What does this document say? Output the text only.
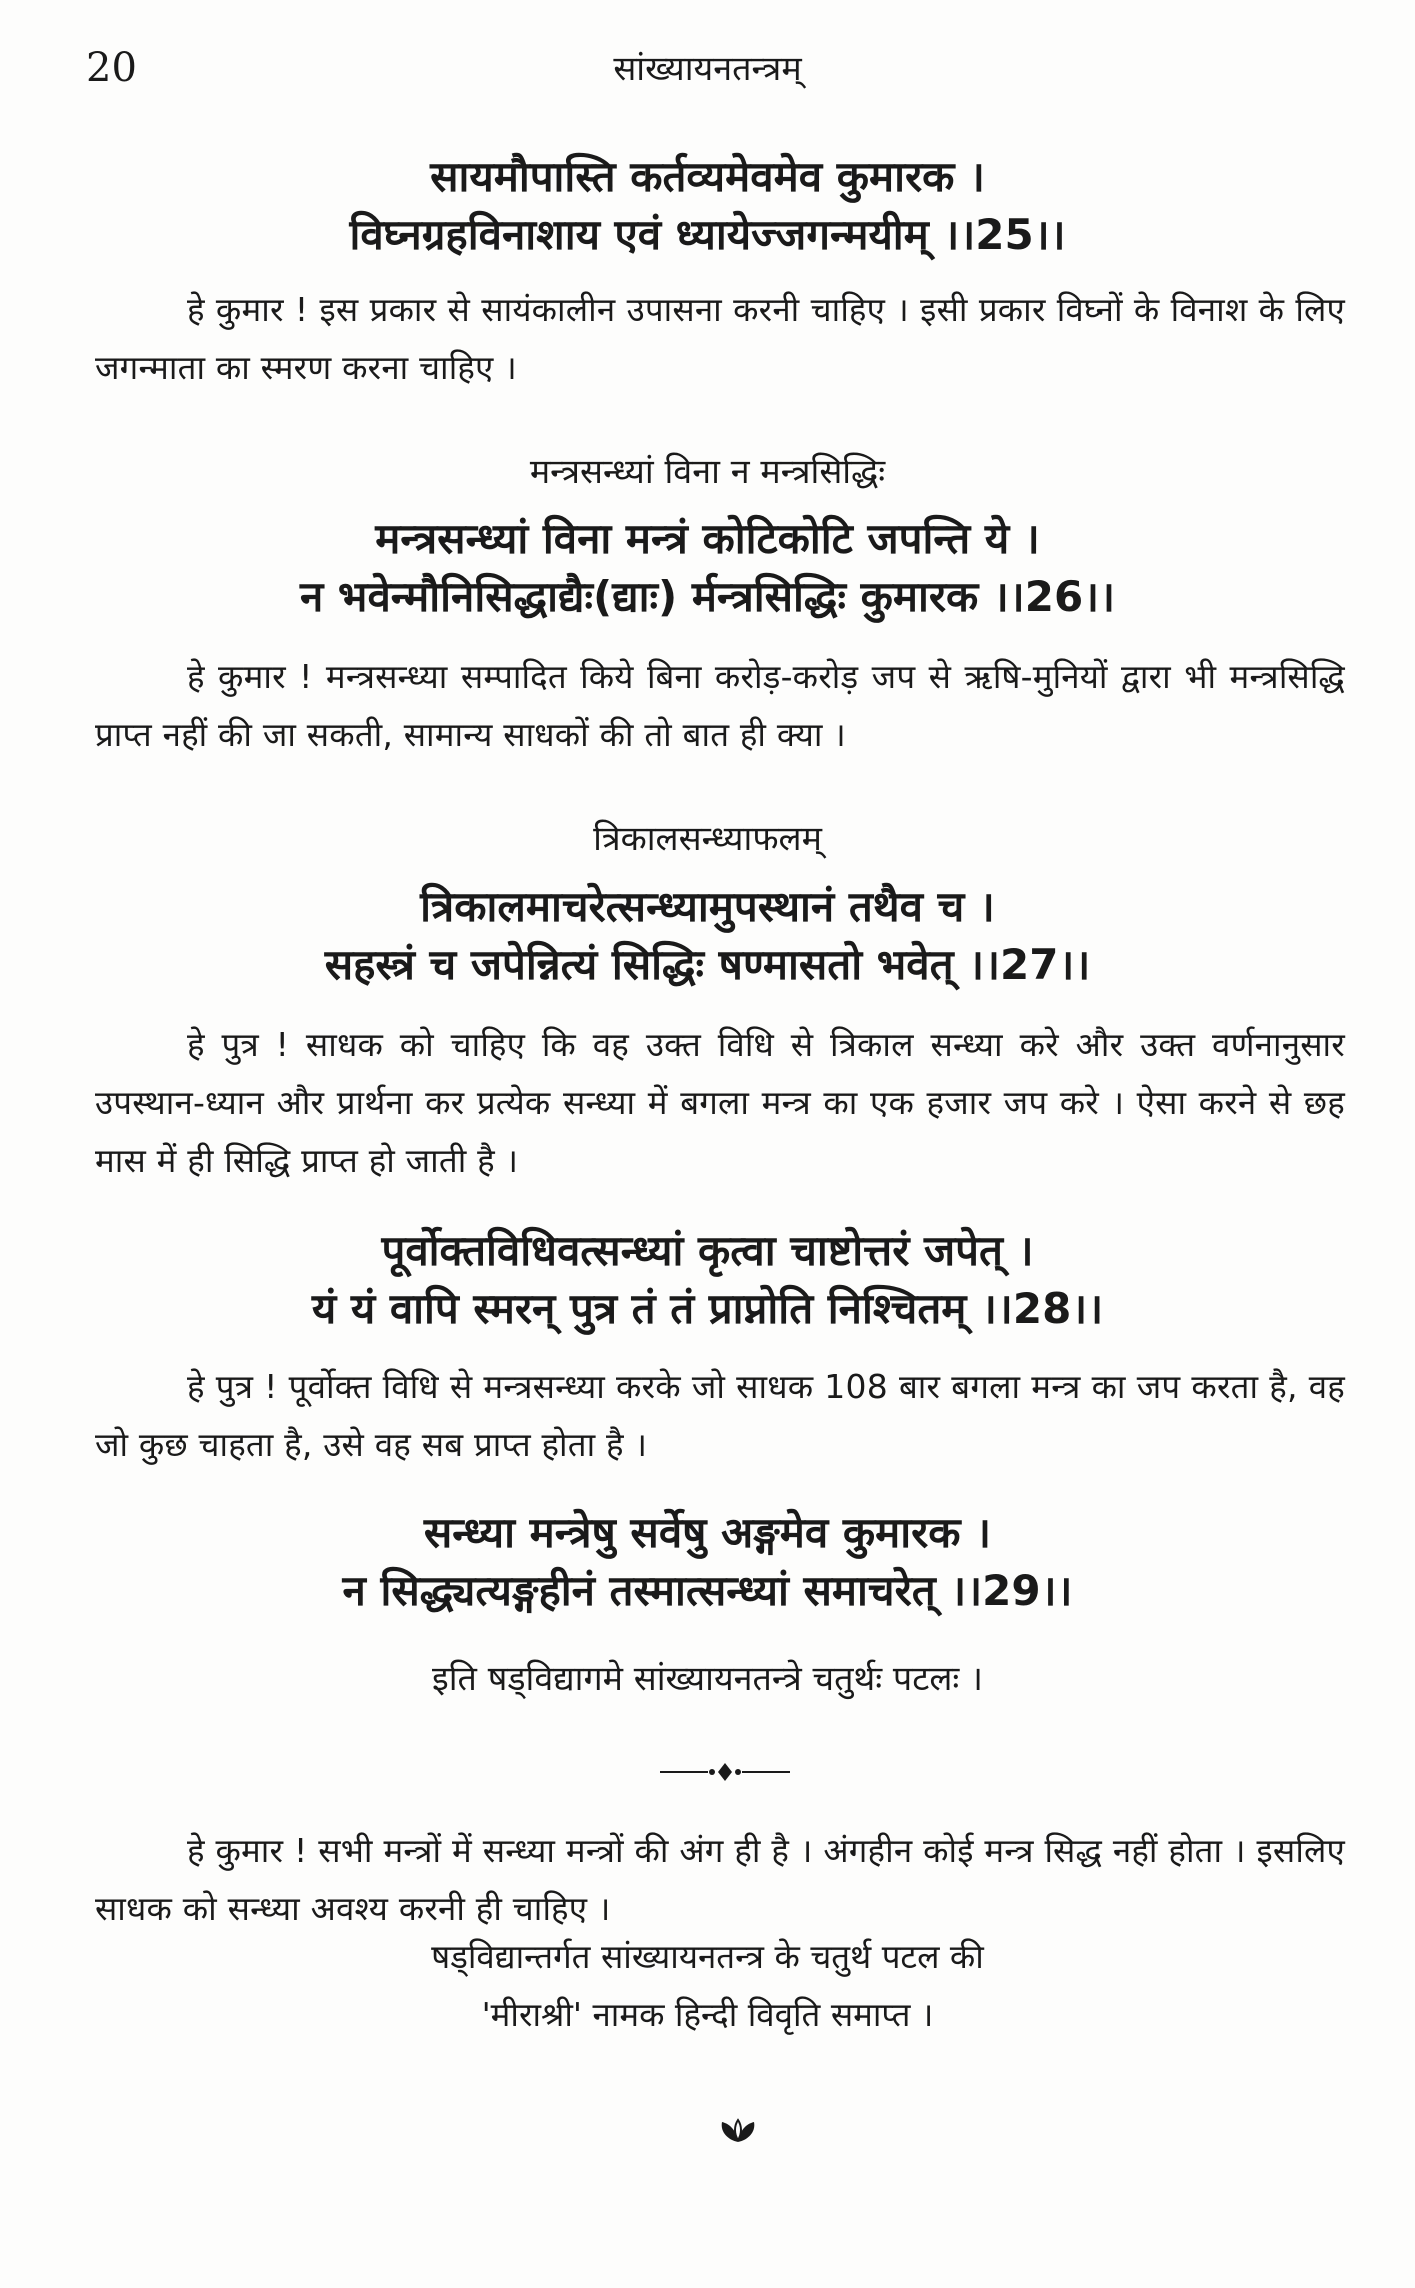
20	सांख्यायनतन्त्रम्
सायमौपास्ति कर्तव्यमेवमेव कुमारक ।
विघ्नग्रहविनाशाय एवं ध्यायेज्जगन्मयीम् ।।25।।
हे कुमार ! इस प्रकार से सायंकालीन उपासना करनी चाहिए । इसी प्रकार विघ्नों के विनाश के लिए जगन्माता का स्मरण करना चाहिए ।
मन्त्रसन्ध्यां विना न मन्त्रसिद्धिः
मन्त्रसन्ध्यां विना मन्त्रं कोटिकोटि जपन्ति ये ।
न भवेन्मौनिसिद्धाद्यैः(द्याः) र्मन्त्रसिद्धिः कुमारक ।।26।।
हे कुमार ! मन्त्रसन्ध्या सम्पादित किये बिना करोड़-करोड़ जप से ऋषि-मुनियों द्वारा भी मन्त्रसिद्धि प्राप्त नहीं की जा सकती, सामान्य साधकों की तो बात ही क्या ।
त्रिकालसन्ध्याफलम्
त्रिकालमाचरेत्सन्ध्यामुपस्थानं तथैव च ।
सहस्त्रं च जपेन्नित्यं सिद्धिः षण्मासतो भवेत् ।।27।।
हे पुत्र ! साधक को चाहिए कि वह उक्त विधि से त्रिकाल सन्ध्या करे और उक्त वर्णनानुसार उपस्थान-ध्यान और प्रार्थना कर प्रत्येक सन्ध्या में बगला मन्त्र का एक हजार जप करे । ऐसा करने से छह मास में ही सिद्धि प्राप्त हो जाती है ।
पूर्वोक्तविधिवत्सन्ध्यां कृत्वा चाष्टोत्तरं जपेत् ।
यं यं वापि स्मरन् पुत्र तं तं प्राप्नोति निश्चितम् ।।28।।
हे पुत्र ! पूर्वोक्त विधि से मन्त्रसन्ध्या करके जो साधक 108 बार बगला मन्त्र का जप करता है, वह जो कुछ चाहता है, उसे वह सब प्राप्त होता है ।
सन्ध्या मन्त्रेषु सर्वेषु अङ्गमेव कुमारक ।
न सिद्ध्यत्यङ्गहीनं तस्मात्सन्ध्यां समाचरेत् ।।29।।
इति षड्विद्यागमे सांख्यायनतन्त्रे चतुर्थः पटलः ।
हे कुमार ! सभी मन्त्रों में सन्ध्या मन्त्रों की अंग ही है । अंगहीन कोई मन्त्र सिद्ध नहीं होता । इसलिए साधक को सन्ध्या अवश्य करनी ही चाहिए ।
षड्विद्यान्तर्गत सांख्यायनतन्त्र के चतुर्थ पटल की
'मीराश्री' नामक हिन्दी विवृति समाप्त ।
